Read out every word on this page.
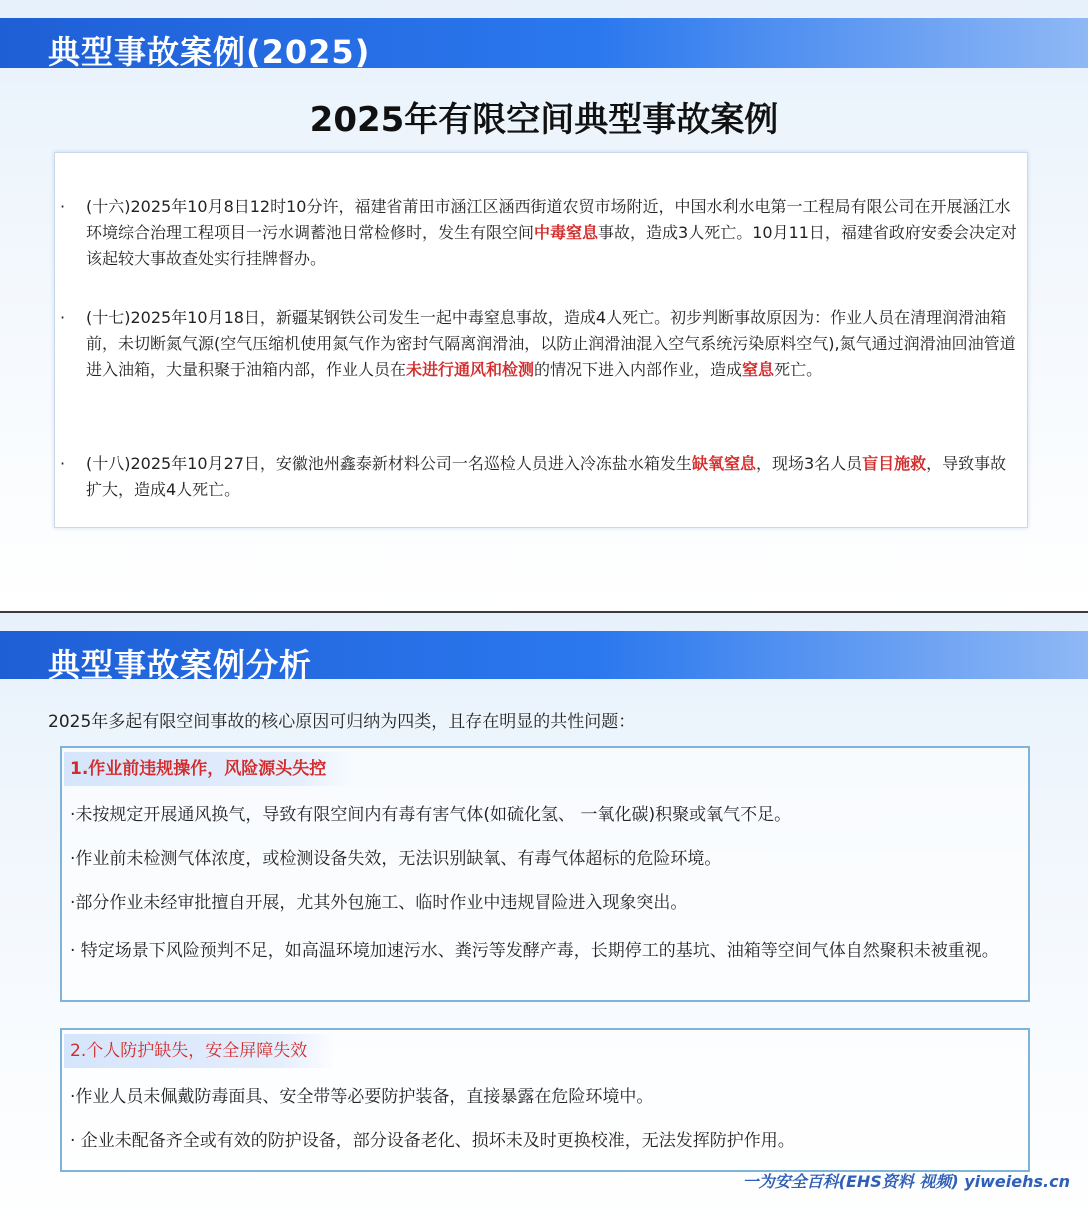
典型事故案例(2025)
2025年有限空间典型事故案例
· (十六)2025年10月8日12时10分许，福建省莆田市涵江区涵西街道农贸市场附近，中国水利水电第一工程局有限公司在开展涵江水环境综合治理工程项目一污水调蓄池日常检修时，发生有限空间中毒窒息事故，造成3人死亡。10月11日，福建省政府安委会决定对该起较大事故查处实行挂牌督办。
· (十七)2025年10月18日，新疆某钢铁公司发生一起中毒窒息事故，造成4人死亡。初步判断事故原因为：作业人员在清理润滑油箱前，未切断氮气源(空气压缩机使用氮气作为密封气隔离润滑油，以防止润滑油混入空气系统污染原料空气),氮气通过润滑油回油管道进入油箱，大量积聚于油箱内部，作业人员在未进行通风和检测的情况下进入内部作业，造成窒息死亡。
· (十八)2025年10月27日，安徽池州鑫泰新材料公司一名巡检人员进入冷冻盐水箱发生缺氧窒息，现场3名人员盲目施救，导致事故扩大，造成4人死亡。
典型事故案例分析
2025年多起有限空间事故的核心原因可归纳为四类，且存在明显的共性问题：
1.作业前违规操作，风险源头失控
·未按规定开展通风换气，导致有限空间内有毒有害气体(如硫化氢、 一氧化碳)积聚或氧气不足。
·作业前未检测气体浓度，或检测设备失效，无法识别缺氧、有毒气体超标的危险环境。
·部分作业未经审批擅自开展，尤其外包施工、临时作业中违规冒险进入现象突出。
· 特定场景下风险预判不足，如高温环境加速污水、粪污等发酵产毒，长期停工的基坑、油箱等空间气体自然聚积未被重视。
2.个人防护缺失，安全屏障失效
·作业人员未佩戴防毒面具、安全带等必要防护装备，直接暴露在危险环境中。
· 企业未配备齐全或有效的防护设备，部分设备老化、损坏未及时更换校准，无法发挥防护作用。
一为安全百科(EHS资料 视频) yiweiehs.cn
